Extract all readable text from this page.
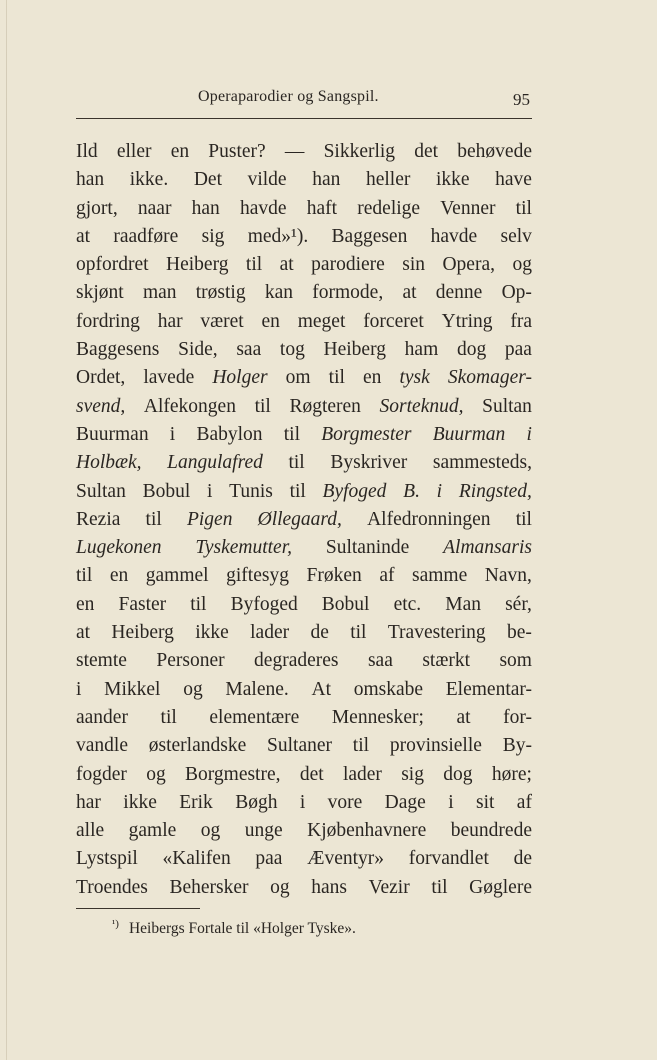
Operaparodier og Sangspil.	95
Ild eller en Puster? — Sikkerlig det behøvede
han ikke. Det vilde han heller ikke have
gjort, naar han havde haft redelige Venner til
at raadføre sig med»¹). Baggesen havde selv
opfordret Heiberg til at parodiere sin Opera, og
skjønt man trøstig kan formode, at denne Op-
fordring har været en meget forceret Ytring fra
Baggesens Side, saa tog Heiberg ham dog paa
Ordet, lavede Holger om til en tysk Skomager-
svend, Alfekongen til Røgteren Sorteknud, Sultan
Buurman i Babylon til Borgmester Buurman i
Holbæk, Langulafred til Byskriver sammesteds,
Sultan Bobul i Tunis til Byfoged B. i Ringsted,
Rezia til Pigen Øllegaard, Alfedronningen til
Lugekonen Tyskemutter, Sultaninde Almansaris
til en gammel giftesyg Frøken af samme Navn,
en Faster til Byfoged Bobul etc. Man sér,
at Heiberg ikke lader de til Travestering be-
stemte Personer degraderes saa stærkt som
i Mikkel og Malene. At omskabe Elementar-
aander til elementære Mennesker; at for-
vandle østerlandske Sultaner til provinsielle By-
fogder og Borgmestre, det lader sig dog høre;
har ikke Erik Bøgh i vore Dage i sit af
alle gamle og unge Kjøbenhavnere beundrede
Lystspil «Kalifen paa Æventyr» forvandlet de
Troendes Behersker og hans Vezir til Gøglere
$^{^1)}$ Heibergs Fortale til «Holger Tyske».
